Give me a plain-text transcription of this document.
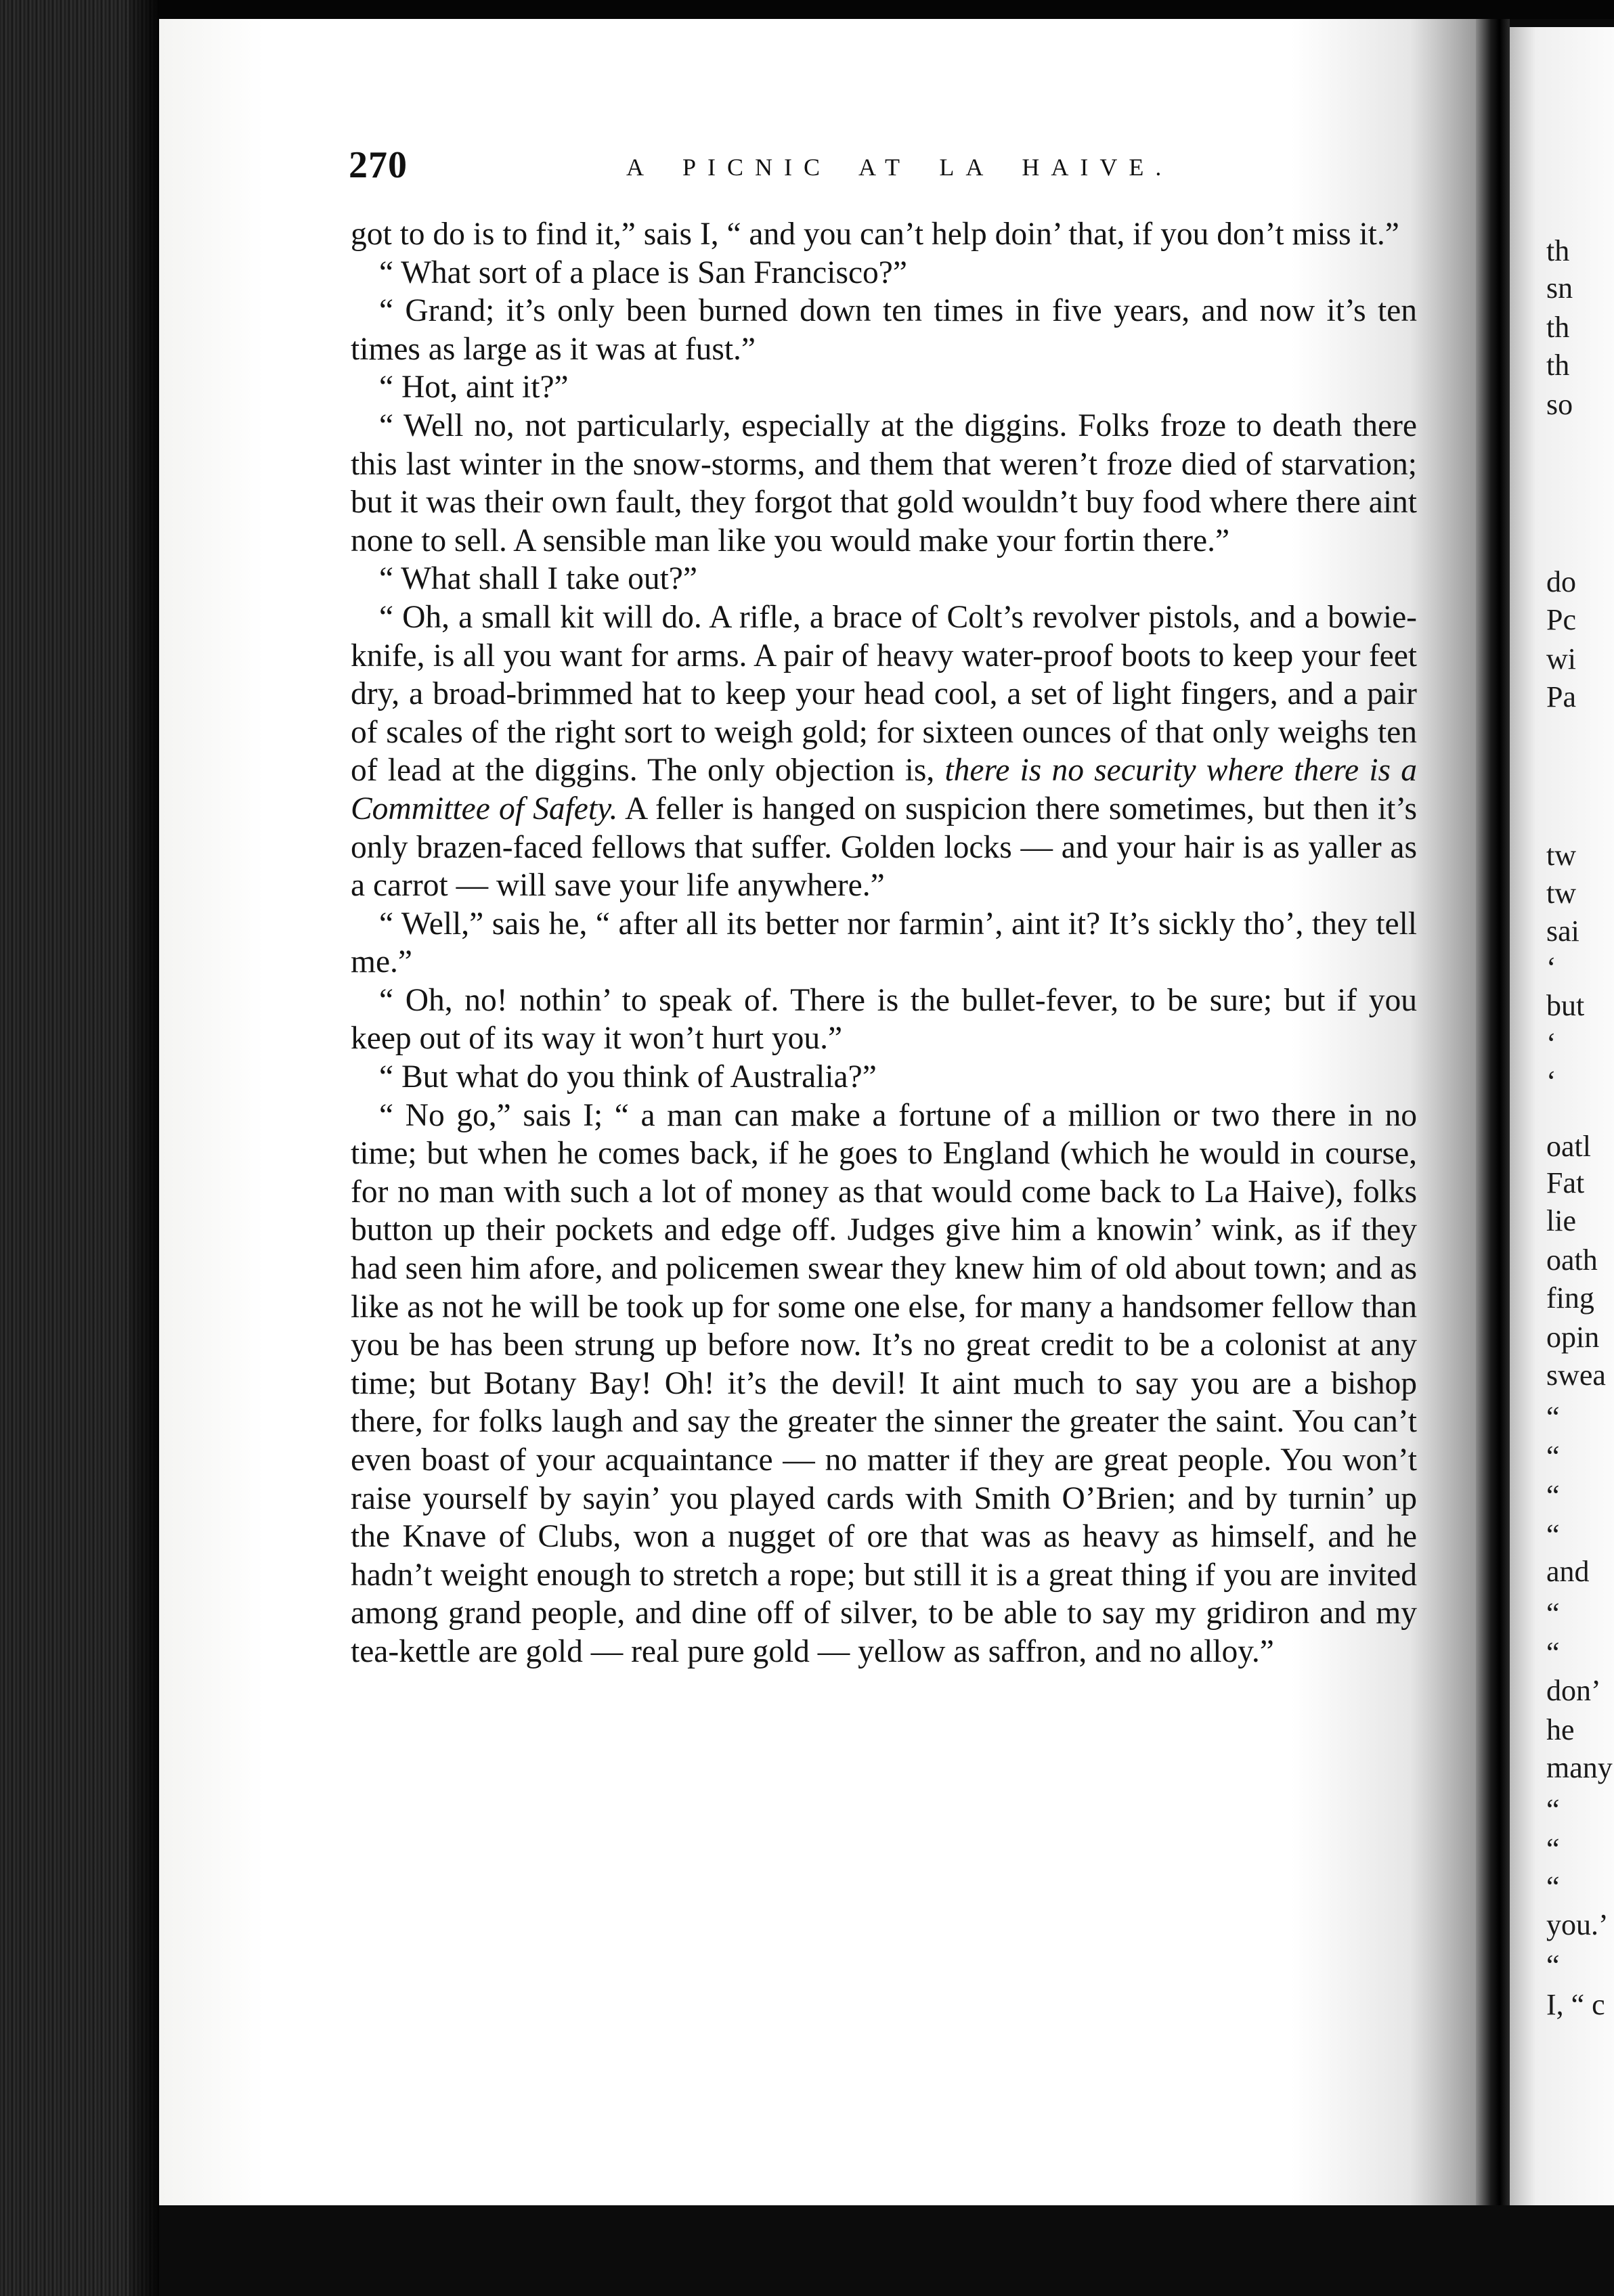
270	A PICNIC AT LA HAIVE.

got to do is to find it,” sais I, “ and you can’t help doin’ that, if you don’t miss it.”

“ What sort of a place is San Francisco?”

“ Grand; it’s only been burned down ten times in five years, and now it’s ten times as large as it was at fust.”

“ Hot, aint it?”

“ Well no, not particularly, especially at the diggins. Folks froze to death there this last winter in the snow-storms, and them that weren’t froze died of starvation; but it was their own fault, they forgot that gold wouldn’t buy food where there aint none to sell. A sensible man like you would make your fortin there.”

“ What shall I take out?”

“ Oh, a small kit will do. A rifle, a brace of Colt’s revolver pistols, and a bowie-knife, is all you want for arms. A pair of heavy water-proof boots to keep your feet dry, a broad-brimmed hat to keep your head cool, a set of light fingers, and a pair of scales of the right sort to weigh gold; for sixteen ounces of that only weighs ten of lead at the diggins. The only objection is, there is no security where there is a Committee of Safety. A feller is hanged on suspicion there sometimes, but then it’s only brazen-faced fellows that suffer. Golden locks — and your hair is as yaller as a carrot — will save your life anywhere.”

“ Well,” sais he, “ after all its better nor farmin’, aint it? It’s sickly tho’, they tell me.”

“ Oh, no! nothin’ to speak of. There is the bullet-fever, to be sure; but if you keep out of its way it won’t hurt you.”

“ But what do you think of Australia?”

“ No go,” sais I; “ a man can make a fortune of a million or two there in no time; but when he comes back, if he goes to England (which he would in course, for no man with such a lot of money as that would come back to La Haive), folks button up their pockets and edge off. Judges give him a knowin’ wink, as if they had seen him afore, and policemen swear they knew him of old about town; and as like as not he will be took up for some one else, for many a handsomer fellow than you be has been strung up before now. It’s no great credit to be a colonist at any time; but Botany Bay! Oh! it’s the devil! It aint much to say you are a bishop there, for folks laugh and say the greater the sinner the greater the saint. You can’t even boast of your acquaintance — no matter if they are great people. You won’t raise yourself by sayin’ you played cards with Smith O’Brien; and by turnin’ up the Knave of Clubs, won a nugget of ore that was as heavy as himself, and he hadn’t weight enough to stretch a rope; but still it is a great thing if you are invited among grand people, and dine off of silver, to be able to say my gridiron and my tea-kettle are gold — real pure gold — yellow as saffron, and no alloy.”

th
sn
th
th
so
do
Pc
wi
Pa
tw
tw
sai
‘
but
‘
‘
oatl
Fat
lie
oath
fing
opin
swea
“
“
“
“
and
“
“
don’
he
many
“
“
“
you.’
“
I, “ c
